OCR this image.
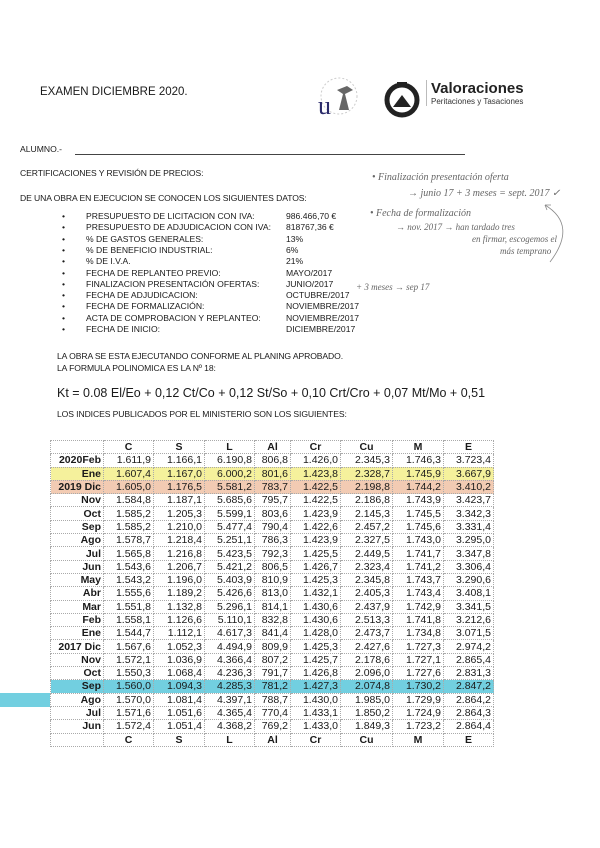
EXAMEN DICIEMBRE 2020.	u
Valoraciones
Peritaciones y Tasaciones
ALUMNO.-
CERTIFICACIONES Y REVISIÓN DE PRECIOS:
DE UNA OBRA EN EJECUCION SE CONOCEN LOS SIGUIENTES DATOS:
• PRESUPUESTO DE LICITACION CON IVA:	986.466,70 €
• PRESUPUESTO DE ADJUDICACION CON IVA: 818767,36 €
• % DE GASTOS GENERALES:	13%
• % DE BENEFICIO INDUSTRIAL:	6%
• % DE I.V.A.	21%
• FECHA DE REPLANTEO PREVIO:	MAYO/2017
• FINALIZACION PRESENTACIÓN OFERTAS:	JUNIO/2017
• FECHA DE ADJUDICACION:	OCTUBRE/2017
• FECHA DE FORMALIZACIÓN:	NOVIEMBRE/2017
• ACTA DE COMPROBACION Y REPLANTEO:	NOVIEMBRE/2017
• FECHA DE INICIO:	DICIEMBRE/2017
• Finalización presentación oferta
→ junio 17 + 3 meses = sept. 2017 ✓
• Fecha de formalización
→ nov. 2017 → han tardado tres
en firmar, escogemos el
más temprano
+ 3 meses → sep 17
LA OBRA SE ESTA EJECUTANDO CONFORME AL PLANING APROBADO.
LA FORMULA POLINOMICA ES LA Nº 18:
Kt = 0.08 El/Eo + 0,12 Ct/Co + 0,12 St/So + 0,10 Crt/Cro + 0,07 Mt/Mo + 0,51
LOS INDICES PUBLICADOS POR EL MINISTERIO SON LOS SIGUIENTES:
	C	S	L	Al	Cr	Cu	M	E
2020Feb	1.611,9	1.166,1	6.190,8	806,8	1.426,0	2.345,3	1.746,3	3.723,4
Ene	1.607,4	1.167,0	6.000,2	801,6	1.423,8	2.328,7	1.745,9	3.667,9
2019 Dic	1.605,0	1.176,5	5.581,2	783,7	1.422,5	2.198,8	1.744,2	3.410,2
Nov	1.584,8	1.187,1	5.685,6	795,7	1.422,5	2.186,8	1.743,9	3.423,7
Oct	1.585,2	1.205,3	5.599,1	803,6	1.423,9	2.145,3	1.745,5	3.342,3
Sep	1.585,2	1.210,0	5.477,4	790,4	1.422,6	2.457,2	1.745,6	3.331,4
Ago	1.578,7	1.218,4	5.251,1	786,3	1.423,9	2.327,5	1.743,0	3.295,0
Jul	1.565,8	1.216,8	5.423,5	792,3	1.425,5	2.449,5	1.741,7	3.347,8
Jun	1.543,6	1.206,7	5.421,2	806,5	1.426,7	2.323,4	1.741,2	3.306,4
May	1.543,2	1.196,0	5.403,9	810,9	1.425,3	2.345,8	1.743,7	3.290,6
Abr	1.555,6	1.189,2	5.426,6	813,0	1.432,1	2.405,3	1.743,4	3.408,1
Mar	1.551,8	1.132,8	5.296,1	814,1	1.430,6	2.437,9	1.742,9	3.341,5
Feb	1.558,1	1.126,6	5.110,1	832,8	1.430,6	2.513,3	1.741,8	3.212,6
Ene	1.544,7	1.112,1	4.617,3	841,4	1.428,0	2.473,7	1.734,8	3.071,5
2017 Dic	1.567,6	1.052,3	4.494,9	809,9	1.425,3	2.427,6	1.727,3	2.974,2
Nov	1.572,1	1.036,9	4.366,4	807,2	1.425,7	2.178,6	1.727,1	2.865,4
Oct	1.550,3	1.068,4	4.236,3	791,7	1.426,8	2.096,0	1.727,6	2.831,3
Sep	1.560,0	1.094,3	4.285,3	781,2	1.427,3	2.074,8	1.730,2	2.847,2
Ago	1.570,0	1.081,4	4.397,1	788,7	1.430,0	1.985,0	1.729,9	2.864,2
Jul	1.571,6	1.051,6	4.365,4	770,4	1.433,1	1.850,2	1.724,9	2.864,3
Jun	1.572,4	1.051,4	4.368,2	769,2	1.433,0	1.849,3	1.723,2	2.864,4
	C	S	L	Al	Cr	Cu	M	E
